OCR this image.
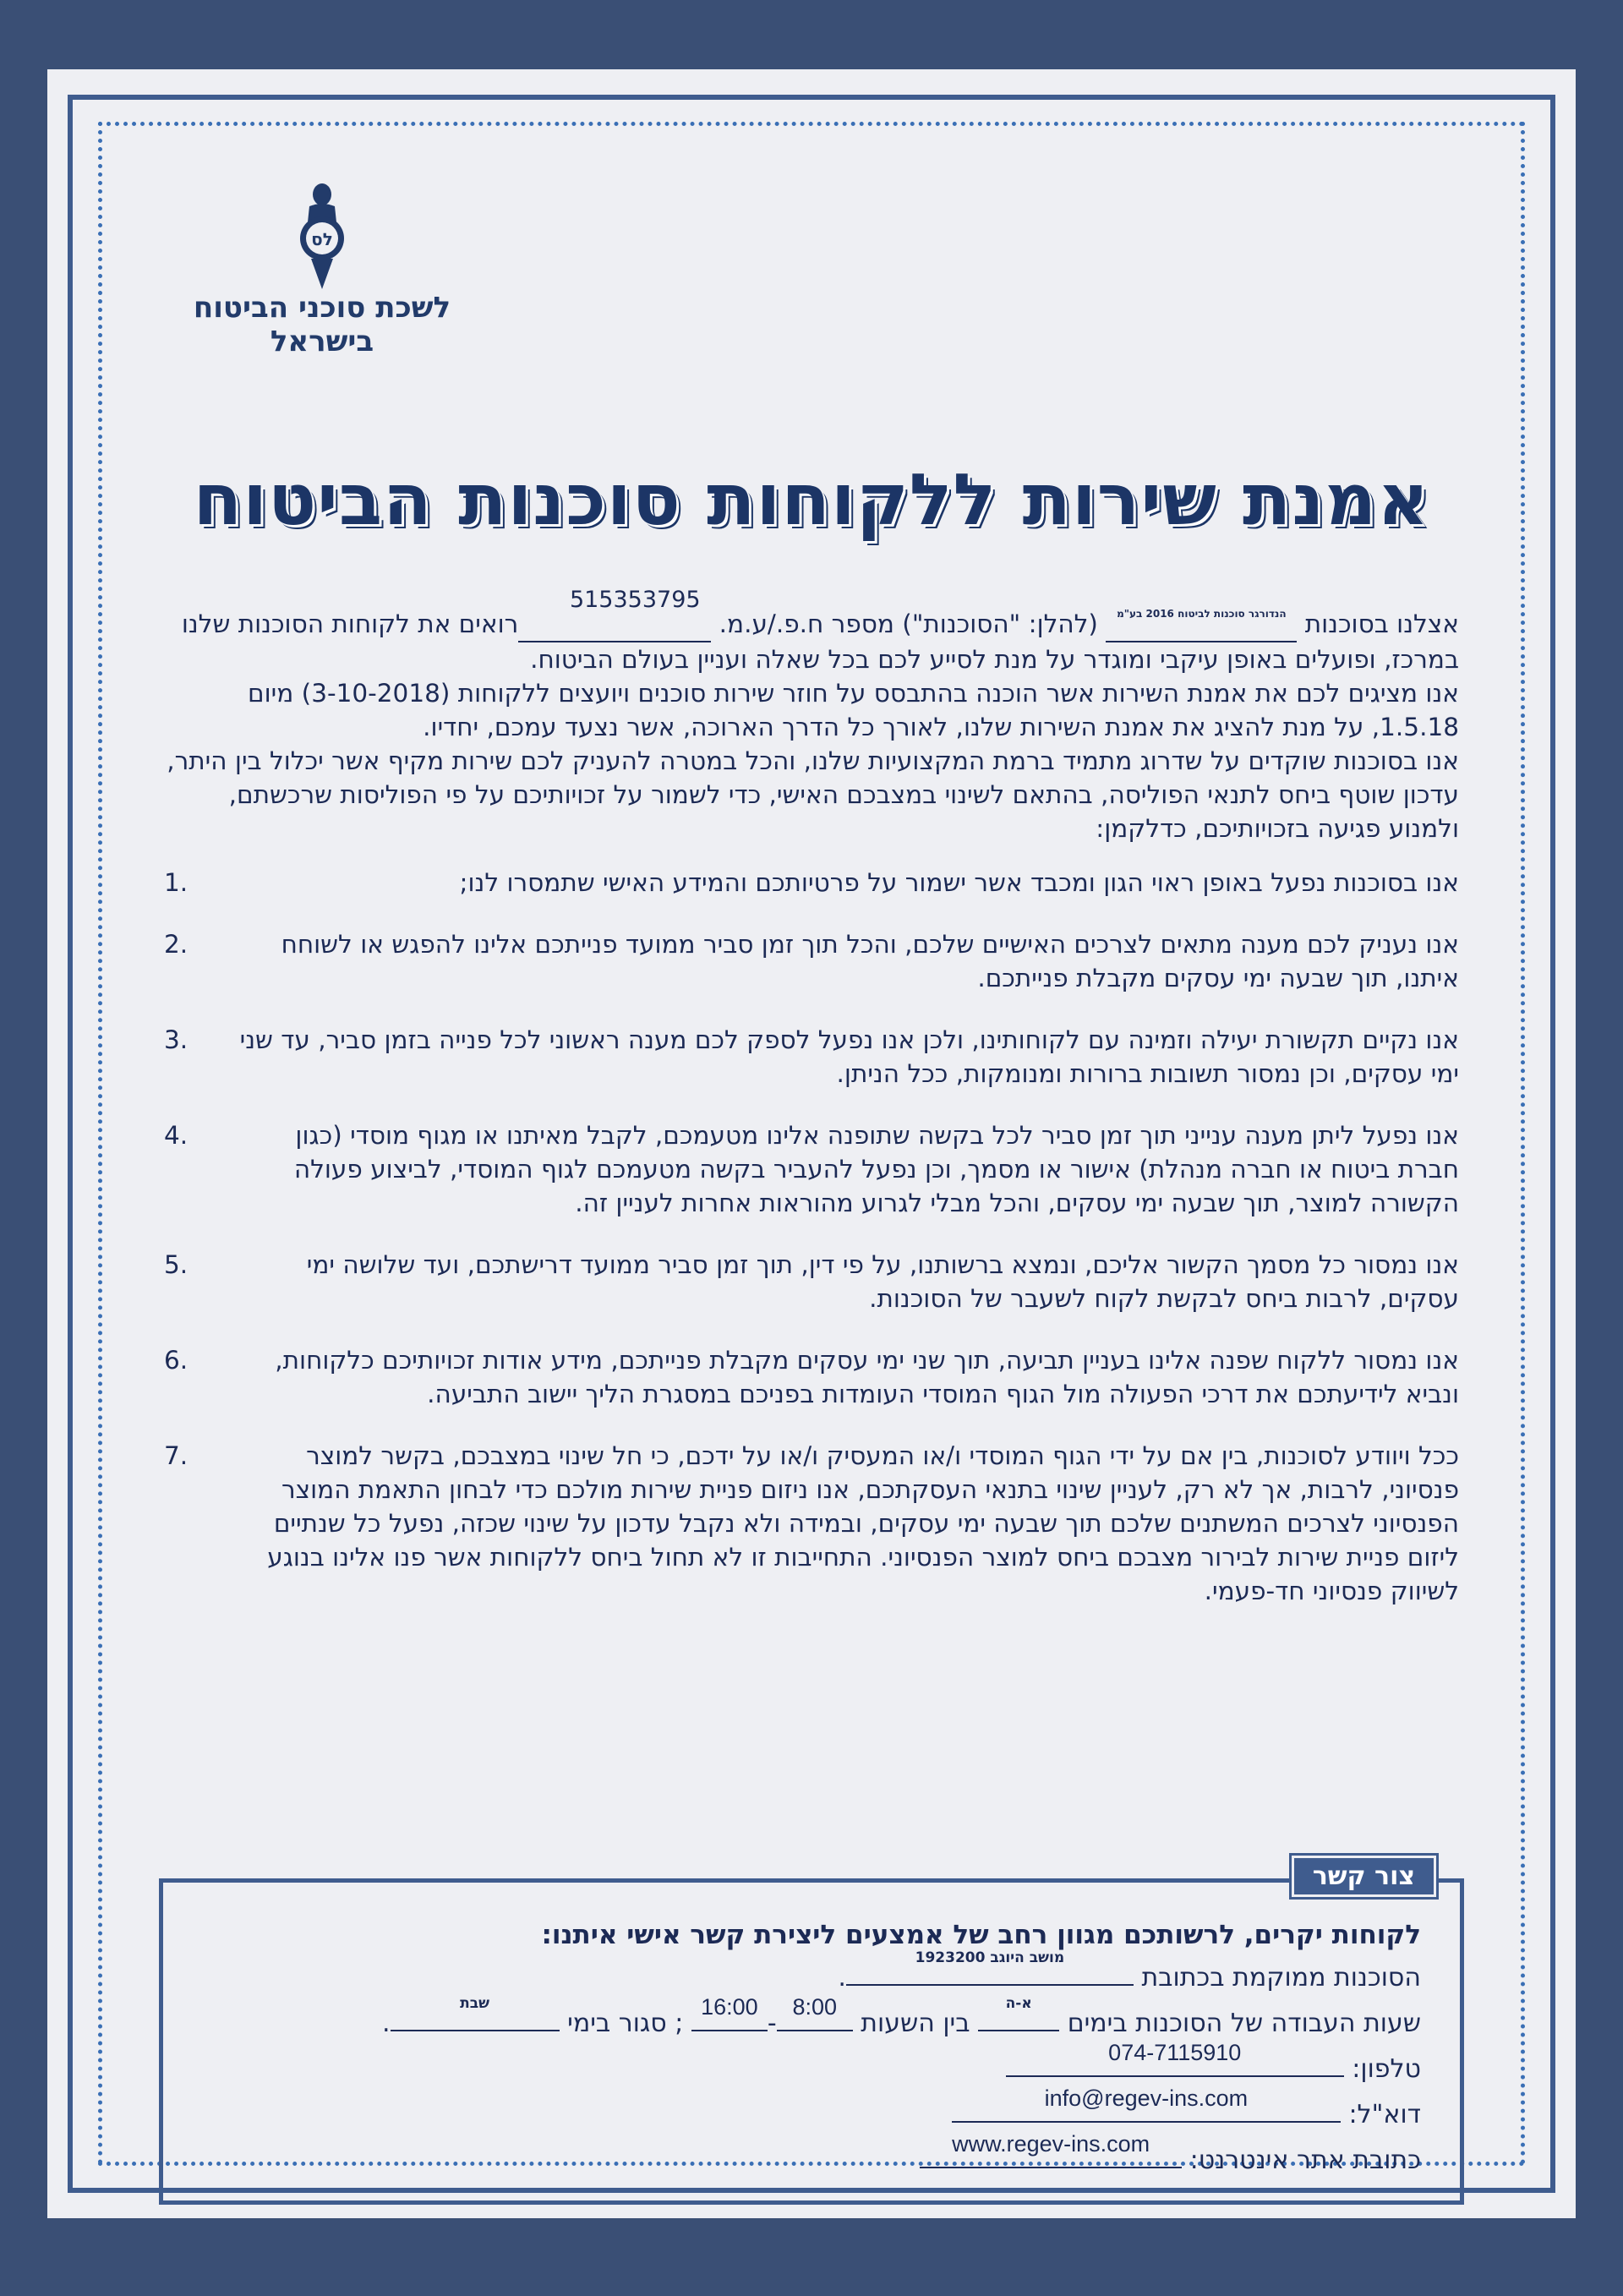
לס
לשכת סוכני הביטוח
בישראל
אמנת שירות ללקוחות סוכנות הביטוח

אצלנו בסוכנות
הנדורגר סוכנות לביטוח 2016 בע"מ
(להלן: "הסוכנות") מספר ח.פ./ע.מ.
515353795
רואים את לקוחות הסוכנות שלנו במרכז, ופועלים באופן עיקבי ומוגדר על מנת לסייע לכם בכל שאלה ועניין בעולם הביטוח.

אנו מציגים לכם את אמנת השירות אשר הוכנה בהתבסס על חוזר שירות סוכנים ויועצים ללקוחות (3-10-2018) מיום 1.5.18, על מנת להציג את אמנת השירות שלנו, לאורך כל הדרך הארוכה, אשר נצעד עמכם, יחדיו.

אנו בסוכנות שוקדים על שדרוג מתמיד ברמת המקצועיות שלנו, והכל במטרה להעניק לכם שירות מקיף אשר יכלול בין היתר, עדכון שוטף ביחס לתנאי הפוליסה, בהתאם לשינוי במצבכם האישי, כדי לשמור על זכויותיכם על פי הפוליסות שרכשתם, ולמנוע פגיעה בזכויותיכם, כדלקמן:

1.	אנו בסוכנות נפעל באופן ראוי הגון ומכבד אשר ישמור על פרטיותכם והמידע האישי שתמסרו לנו;
2.	אנו נעניק לכם מענה מתאים לצרכים האישיים שלכם, והכל תוך זמן סביר ממועד פנייתכם אלינו להפגש או לשוחח איתנו, תוך שבעה ימי עסקים מקבלת פנייתכם.
3.	אנו נקיים תקשורת יעילה וזמינה עם לקוחותינו, ולכן אנו נפעל לספק לכם מענה ראשוני לכל פנייה בזמן סביר, עד שני ימי עסקים, וכן נמסור תשובות ברורות ומנומקות, ככל הניתן.
4.	אנו נפעל ליתן מענה ענייני תוך זמן סביר לכל בקשה שתופנה אלינו מטעמכם, לקבל מאיתנו או מגוף מוסדי (כגון חברת ביטוח או חברה מנהלת) אישור או מסמך, וכן נפעל להעביר בקשה מטעמכם לגוף המוסדי, לביצוע פעולה הקשורה למוצר, תוך שבעה ימי עסקים, והכל מבלי לגרוע מהוראות אחרות לעניין זה.
5.	אנו נמסור כל מסמך הקשור אליכם, ונמצא ברשותנו, על פי דין, תוך זמן סביר ממועד דרישתכם, ועד שלושה ימי עסקים, לרבות ביחס לבקשת לקוח לשעבר של הסוכנות.
6.	אנו נמסור ללקוח שפנה אלינו בעניין תביעה, תוך שני ימי עסקים מקבלת פנייתכם, מידע אודות זכויותיכם כלקוחות, ונביא לידיעתכם את דרכי הפעולה מול הגוף המוסדי העומדות בפניכם במסגרת הליך יישוב התביעה.
7.	ככל ויוודע לסוכנות, בין אם על ידי הגוף המוסדי ו/או המעסיק ו/או על ידכם, כי חל שינוי במצבכם, בקשר למוצר פנסיוני, לרבות, אך לא רק, לעניין שינוי בתנאי העסקתכם, אנו ניזום פניית שירות מולכם כדי לבחון התאמת המוצר הפנסיוני לצרכים המשתנים שלכם תוך שבעה ימי עסקים, ובמידה ולא נקבל עדכון על שינוי שכזה, נפעל כל שנתיים ליזום פניית שירות לבירור מצבכם ביחס למוצר הפנסיוני. התחייבות זו לא תחול ביחס ללקוחות אשר פנו אלינו בנוגע לשיווק פנסיוני חד-פעמי.
צור קשר
לקוחות יקרים, לרשותכם מגוון רחב של אמצעים ליצירת קשר אישי איתנו:
הסוכנות ממוקמת בכתובת
מושב היוגב 1923200
.
שעות העבודה של הסוכנות בימים
א-ה
בין השעות
8:00
-
16:00
; סגור בימי
שבת
.
טלפון:
074-7115910
דוא"ל:
info@regev-ins.com
כתובת אתר אינטרנט:
www.regev-ins.com
